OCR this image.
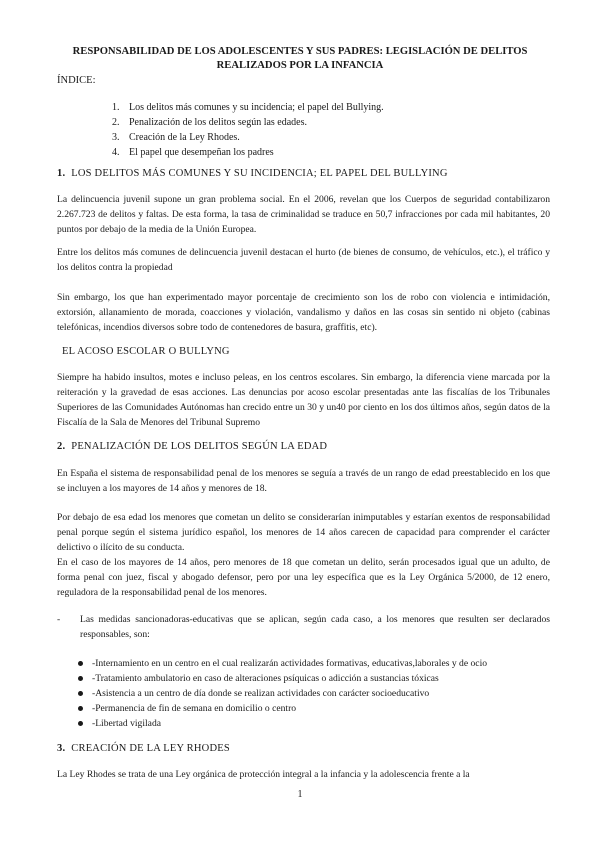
RESPONSABILIDAD DE LOS ADOLESCENTES Y SUS PADRES: LEGISLACIÓN DE DELITOS REALIZADOS POR LA INFANCIA
ÍNDICE:
1. Los delitos más comunes y su incidencia; el papel del Bullying.
2. Penalización de los delitos según las edades.
3. Creación de la Ley Rhodes.
4. El papel que desempeñan los padres
1. LOS DELITOS MÁS COMUNES Y SU INCIDENCIA; EL PAPEL DEL BULLYING

La delincuencia juvenil supone un gran problema social. En el 2006, revelan que los Cuerpos de seguridad contabilizaron 2.267.723 de delitos y faltas. De esta forma, la tasa de criminalidad se traduce en 50,7 infracciones por cada mil habitantes, 20 puntos por debajo de la media de la Unión Europea.

Entre los delitos más comunes de delincuencia juvenil destacan el hurto (de bienes de consumo, de vehículos, etc.), el tráfico y los delitos contra la propiedad

Sin embargo, los que han experimentado mayor porcentaje de crecimiento son los de robo con violencia e intimidación, extorsión, allanamiento de morada, coacciones y violación, vandalismo y daños en las cosas sin sentido ni objeto (cabinas telefónicas, incendios diversos sobre todo de contenedores de basura, graffitis, etc).

EL ACOSO ESCOLAR O BULLYNG

Siempre ha habido insultos, motes e incluso peleas, en los centros escolares. Sin embargo, la diferencia viene marcada por la reiteración y la gravedad de esas acciones. Las denuncias por acoso escolar presentadas ante las fiscalías de los Tribunales Superiores de las Comunidades Autónomas han crecido entre un 30 y un40 por ciento en los dos últimos años, según datos de la Fiscalía de la Sala de Menores del Tribunal Supremo

2. PENALIZACIÓN DE LOS DELITOS SEGÚN LA EDAD

En España el sistema de responsabilidad penal de los menores se seguía a través de un rango de edad preestablecido en los que se incluyen a los mayores de 14 años y menores de 18.

Por debajo de esa edad los menores que cometan un delito se considerarían inimputables y estarían exentos de responsabilidad penal porque según el sistema jurídico español, los menores de 14 años carecen de capacidad para comprender el carácter delictivo o ilícito de su conducta.

En el caso de los mayores de 14 años, pero menores de 18 que cometan un delito, serán procesados igual que un adulto, de forma penal con juez, fiscal y abogado defensor, pero por una ley específica que es la Ley Orgánica 5/2000, de 12 enero, reguladora de la responsabilidad penal de los menores.

- Las medidas sancionadoras-educativas que se aplican, según cada caso, a los menores que resulten ser declarados responsables, son:
-Internamiento en un centro en el cual realizarán actividades formativas, educativas,laborales y de ocio
-Tratamiento ambulatorio en caso de alteraciones psíquicas o adicción a sustancias tóxicas
-Asistencia a un centro de día donde se realizan actividades con carácter socioeducativo
-Permanencia de fin de semana en domicilio o centro
-Libertad vigilada
3. CREACIÓN DE LA LEY RHODES

La Ley Rhodes se trata de una Ley orgánica de protección integral a la infancia y la adolescencia frente a la

1
